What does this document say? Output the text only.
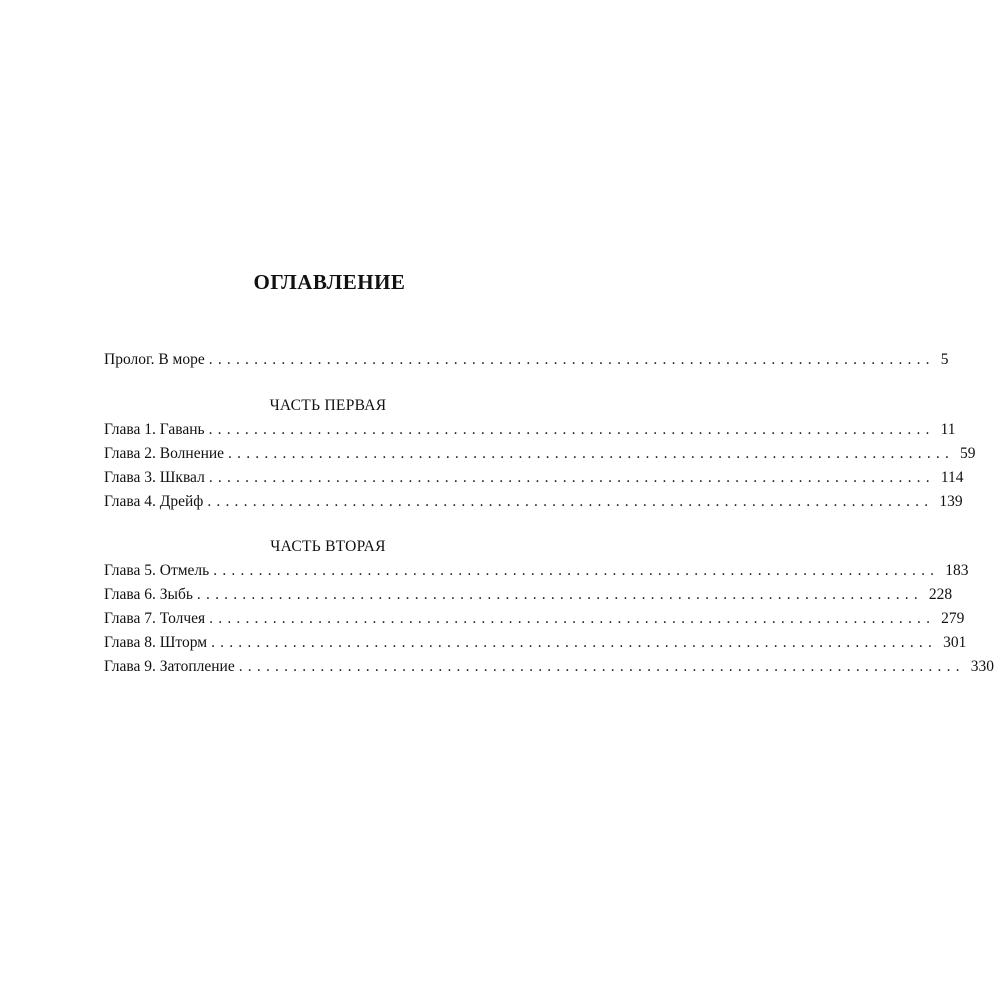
ОГЛАВЛЕНИЕ
Пролог. В море ................................................................................ 5
ЧАСТЬ ПЕРВАЯ
Глава 1. Гавань ................................................................................ 11
Глава 2. Волнение ................................................................................ 59
Глава 3. Шквал ................................................................................ 114
Глава 4. Дрейф ................................................................................ 139
ЧАСТЬ ВТОРАЯ
Глава 5. Отмель ................................................................................ 183
Глава 6. Зыбь ................................................................................ 228
Глава 7. Толчея ................................................................................ 279
Глава 8. Шторм ................................................................................ 301
Глава 9. Затопление ................................................................................ 330
